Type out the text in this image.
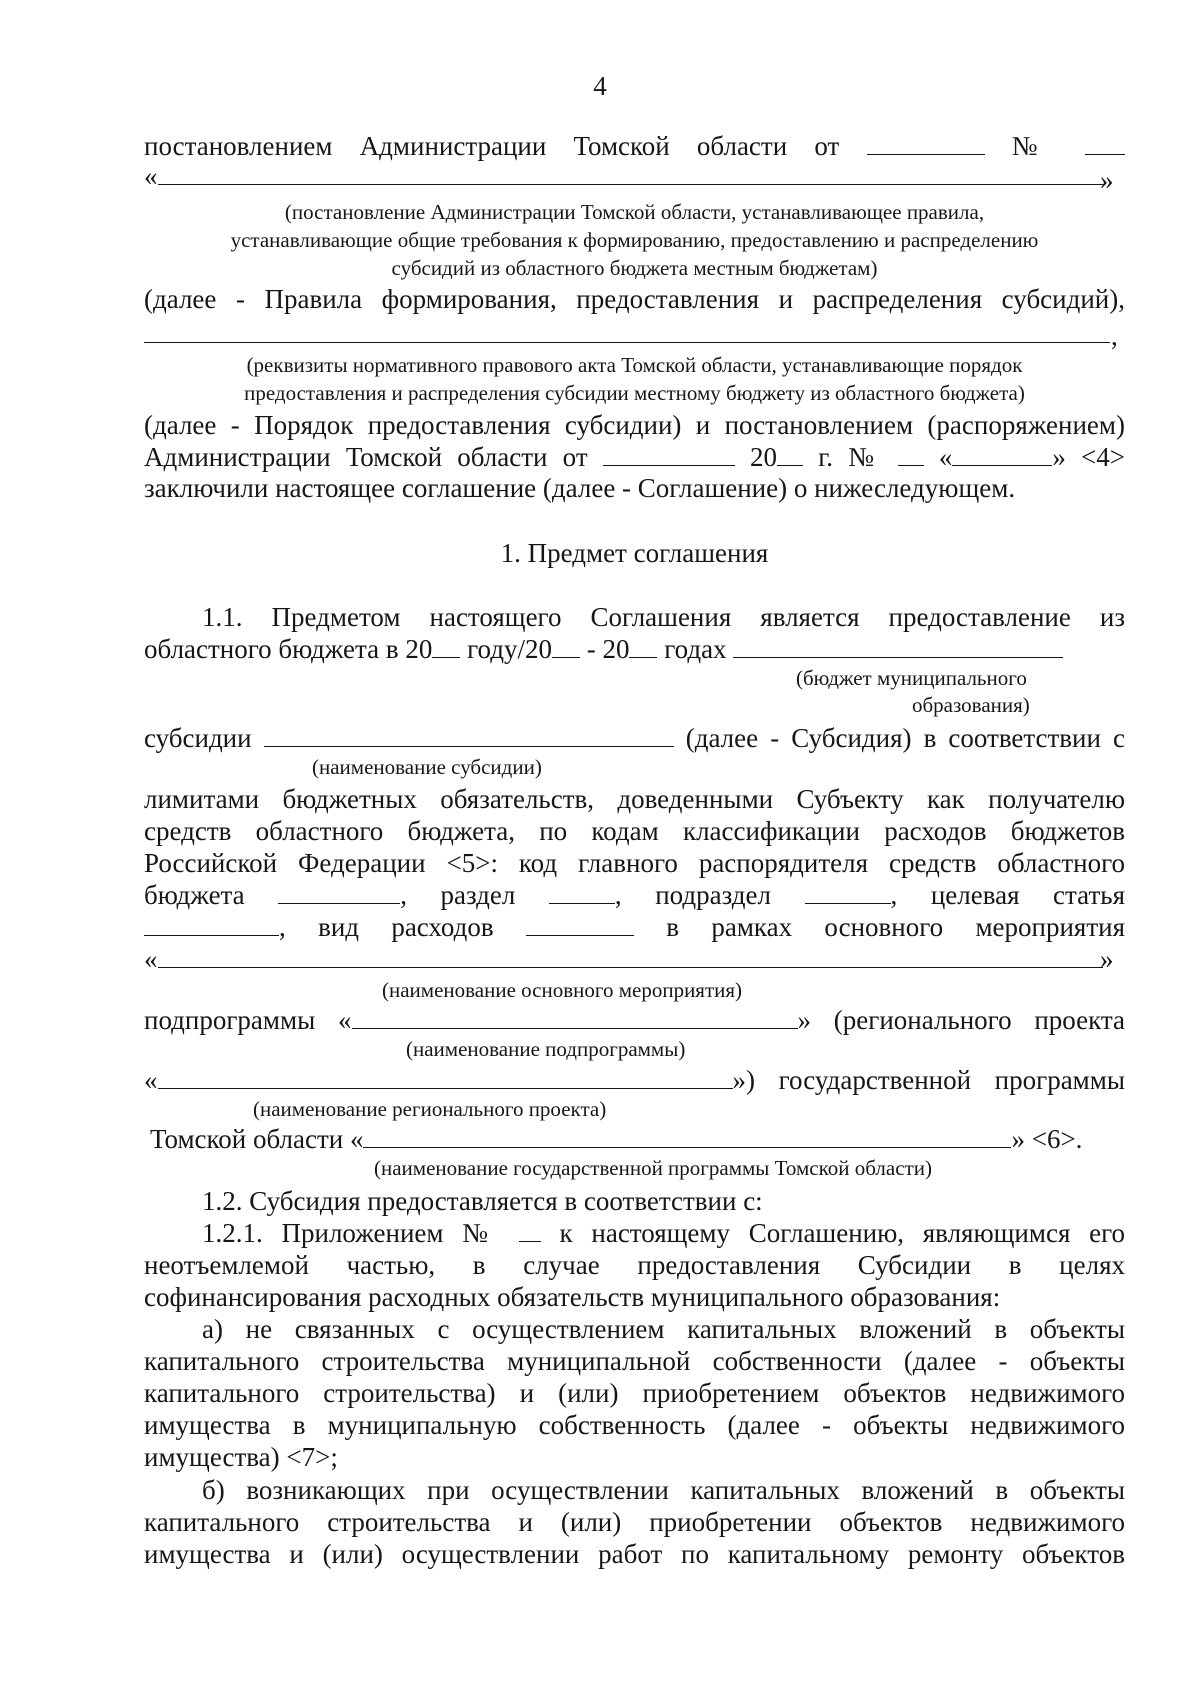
4
постановлением Администрации Томской области от	№
«	»
(постановление Администрации Томской области, устанавливающее правила,
устанавливающие общие требования к формированию, предоставлению и распределению
субсидий из областного бюджета местным бюджетам)
(далее - Правила формирования, предоставления и распределения субсидий),
,
(реквизиты нормативного правового акта Томской области, устанавливающие порядок
предоставления и распределения субсидии местному бюджету из областного бюджета)
(далее - Порядок предоставления субсидии) и постановлением (распоряжением)
Администрации Томской области от	20 г. № «	» <4>
заключили настоящее соглашение (далее - Соглашение) о нижеследующем.
1. Предмет соглашения
1.1. Предметом настоящего Соглашения является предоставление из
областного бюджета в 20 году/20 - 20 годах
(бюджет муниципального
образования)
субсидии	(далее - Субсидия) в соответствии с
(наименование субсидии)
лимитами бюджетных обязательств, доведенными Субъекту как получателю
средств областного бюджета, по кодам классификации расходов бюджетов
Российской Федерации <5>: код главного распорядителя средств областного
бюджета	, раздел	, подраздел	, целевая статья
, вид расходов	в рамках основного мероприятия
«	»
(наименование основного мероприятия)
подпрограммы «	» (регионального проекта
(наименование подпрограммы)
«	») государственной программы
(наименование регионального проекта)
Томской области «	» <6>.
(наименование государственной программы Томской области)
1.2. Субсидия предоставляется в соответствии с:
1.2.1. Приложением № к настоящему Соглашению, являющимся его
неотъемлемой частью, в случае предоставления Субсидии в целях
софинансирования расходных обязательств муниципального образования:
а) не связанных с осуществлением капитальных вложений в объекты
капитального строительства муниципальной собственности (далее - объекты
капитального строительства) и (или) приобретением объектов недвижимого
имущества в муниципальную собственность (далее - объекты недвижимого
имущества) <7>;
б) возникающих при осуществлении капитальных вложений в объекты
капитального строительства и (или) приобретении объектов недвижимого
имущества и (или) осуществлении работ по капитальному ремонту объектов
